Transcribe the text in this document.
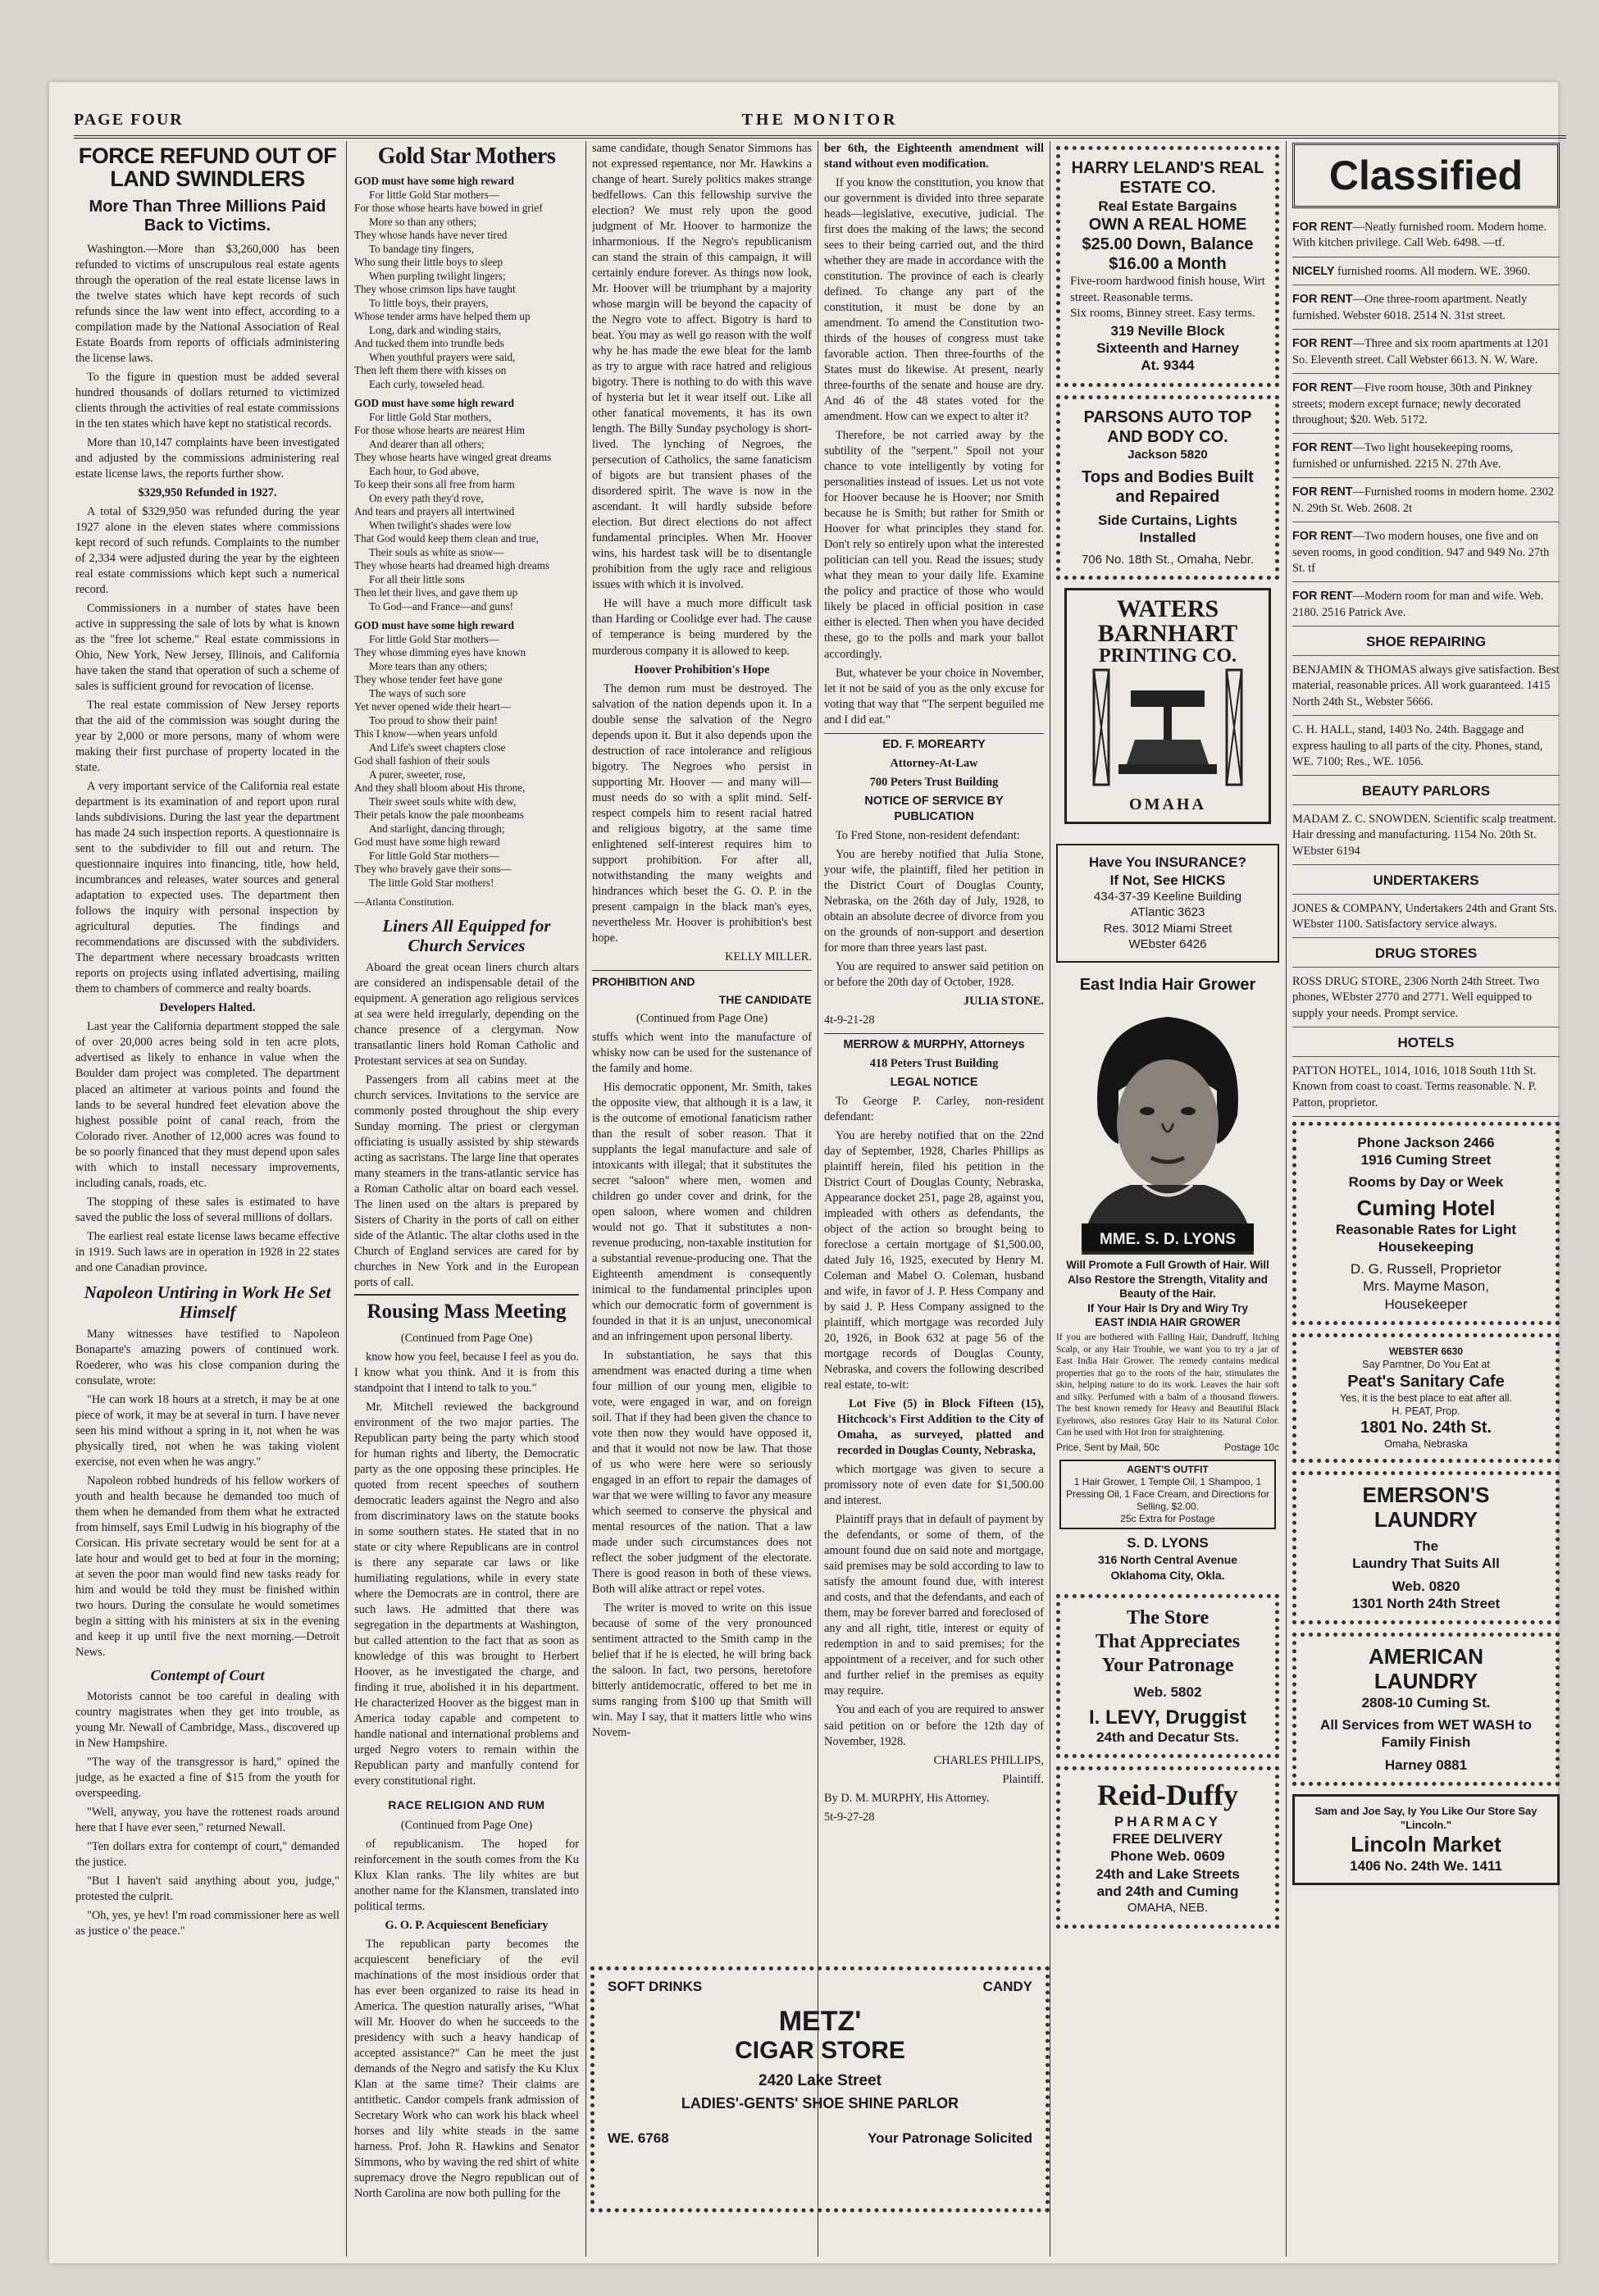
PAGE FOUR	THE MONITOR
FORCE REFUND OUT OF LAND SWINDLERS
More Than Three Millions Paid Back to Victims.

Washington.—More than $3,260,000 has been refunded to victims of unscrupulous real estate agents through the operation of the real estate license laws in the twelve states which have kept records of such refunds since the law went into effect, according to a compilation made by the National Association of Real Estate Boards from reports of officials administering the license laws.

To the figure in question must be added several hundred thousands of dollars returned to victimized clients through the activities of real estate commissions in the ten states which have kept no statistical records.

More than 10,147 complaints have been investigated and adjusted by the commissions administering real estate license laws, the reports further show.

$329,950 Refunded in 1927.

A total of $329,950 was refunded during the year 1927 alone in the eleven states where commissions kept record of such refunds. Complaints to the number of 2,334 were adjusted during the year by the eighteen real estate commissions which kept such a numerical record.

Commissioners in a number of states have been active in suppressing the sale of lots by what is known as the "free lot scheme." Real estate commissions in Ohio, New York, New Jersey, Illinois, and California have taken the stand that operation of such a scheme of sales is sufficient ground for revocation of license.

The real estate commission of New Jersey reports that the aid of the commission was sought during the year by 2,000 or more persons, many of whom were making their first purchase of property located in the state.

A very important service of the California real estate department is its examination of and report upon rural lands subdivisions. During the last year the department has made 24 such inspection reports. A questionnaire is sent to the subdivider to fill out and return. The questionnaire inquires into financing, title, how held, incumbrances and releases, water sources and general adaptation to expected uses. The department then follows the inquiry with personal inspection by agricultural deputies. The findings and recommendations are discussed with the subdividers. The department where necessary broadcasts written reports on projects using inflated advertising, mailing them to chambers of commerce and realty boards.

Developers Halted.

Last year the California department stopped the sale of over 20,000 acres being sold in ten acre plots, advertised as likely to enhance in value when the Boulder dam project was completed. The department placed an altimeter at various points and found the lands to be several hundred feet elevation above the highest possible point of canal reach, from the Colorado river. Another of 12,000 acres was found to be so poorly financed that they must depend upon sales with which to install necessary improvements, including canals, roads, etc.

The stopping of these sales is estimated to have saved the public the loss of several millions of dollars.

The earliest real estate license laws became effective in 1919. Such laws are in operation in 1928 in 22 states and one Canadian province.

Napoleon Untiring in Work He Set Himself

Many witnesses have testified to Napoleon Bonaparte's amazing powers of continued work. Roederer, who was his close companion during the consulate, wrote:

"He can work 18 hours at a stretch, it may be at one piece of work, it may be at several in turn. I have never seen his mind without a spring in it, not when he was physically tired, not when he was taking violent exercise, not even when he was angry."

Napoleon robbed hundreds of his fellow workers of youth and health because he demanded too much of them when he demanded from them what he extracted from himself, says Emil Ludwig in his biography of the Corsican. His private secretary would be sent for at a late hour and would get to bed at four in the morning; at seven the poor man would find new tasks ready for him and would be told they must be finished within two hours. During the consulate he would sometimes begin a sitting with his ministers at six in the evening and keep it up until five the next morning.—Detroit News.

Contempt of Court

Motorists cannot be too careful in dealing with country magistrates when they get into trouble, as young Mr. Newall of Cambridge, Mass., discovered up in New Hampshire.

"The way of the transgressor is hard," opined the judge, as he exacted a fine of $15 from the youth for overspeeding.

"Well, anyway, you have the rottenest roads around here that I have ever seen," returned Newall.

"Ten dollars extra for contempt of court," demanded the justice.

"But I haven't said anything about you, judge," protested the culprit.

"Oh, yes, ye hev! I'm road commissioner here as well as justice o' the peace."

Gold Star Mothers

GOD must have some high reward

For little Gold Star mothers—

For those whose hearts have bowed in grief

More so than any others;

They whose hands have never tired

To bandage tiny fingers,

Who sung their little boys to sleep

When purpling twilight lingers;

They whose crimson lips have taught

To little boys, their prayers,

Whose tender arms have helped them up

Long, dark and winding stairs,

And tucked them into trundle beds

When youthful prayers were said,

Then left them there with kisses on

Each curly, towseled head.

GOD must have some high reward

For little Gold Star mothers,

For those whose hearts are nearest Him

And dearer than all others;

They whose hearts have winged great dreams

Each hour, to God above,

To keep their sons all free from harm

On every path they'd rove,

And tears and prayers all intertwined

When twilight's shades were low

That God would keep them clean and true,

Their souls as white as snow—

They whose hearts had dreamed high dreams

For all their little sons

Then let their lives, and gave them up

To God—and France—and guns!

GOD must have some high reward

For little Gold Star mothers—

They whose dimming eyes have known

More tears than any others;

They whose tender feet have gone

The ways of such sore

Yet never opened wide their heart—

Too proud to show their pain!

This I know—when years unfold

And Life's sweet chapters close

God shall fashion of their souls

A purer, sweeter, rose,

And they shall bloom about His throne,

Their sweet souls white with dew,

Their petals know the pale moonbeams

And starlight, dancing through;

God must have some high reward

For little Gold Star mothers—

They who bravely gave their sons—

The little Gold Star mothers!

—Atlanta Constitution.

Liners All Equipped for Church Services

Aboard the great ocean liners church altars are considered an indispensable detail of the equipment. A generation ago religious services at sea were held irregularly, depending on the chance presence of a clergyman. Now transatlantic liners hold Roman Catholic and Protestant services at sea on Sunday.

Passengers from all cabins meet at the church services. Invitations to the service are commonly posted throughout the ship every Sunday morning. The priest or clergyman officiating is usually assisted by ship stewards acting as sacristans. The large line that operates many steamers in the trans-atlantic service has a Roman Catholic altar on board each vessel. The linen used on the altars is prepared by Sisters of Charity in the ports of call on either side of the Atlantic. The altar cloths used in the Church of England services are cared for by churches in New York and in the European ports of call.

Rousing Mass Meeting

(Continued from Page One)

know how you feel, because I feel as you do. I know what you think. And it is from this standpoint that I intend to talk to you."

Mr. Mitchell reviewed the background environment of the two major parties. The Republican party being the party which stood for human rights and liberty, the Democratic party as the one opposing these principles. He quoted from recent speeches of southern democratic leaders against the Negro and also from discriminatory laws on the statute books in some southern states. He stated that in no state or city where Republicans are in control is there any separate car laws or like humiliating regulations, while in every state where the Democrats are in control, there are such laws. He admitted that there was segregation in the departments at Washington, but called attention to the fact that as soon as knowledge of this was brought to Herbert Hoover, as he investigated the charge, and finding it true, abolished it in his department. He characterized Hoover as the biggest man in America today capable and competent to handle national and international problems and urged Negro voters to remain within the Republican party and manfully contend for every constitutional right.

RACE RELIGION AND RUM

(Continued from Page One)

of republicanism. The hoped for reinforcement in the south comes from the Ku Klux Klan ranks. The lily whites are but another name for the Klansmen, translated into political terms.

G. O. P. Acquiescent Beneficiary

The republican party becomes the acquiescent beneficiary of the evil machinations of the most insidious order that has ever been organized to raise its head in America. The question naturally arises, "What will Mr. Hoover do when he succeeds to the presidency with such a heavy handicap of accepted assistance?" Can he meet the just demands of the Negro and satisfy the Ku Klux Klan at the same time? Their claims are antithetic. Candor compels frank admission of Secretary Work who can work his black wheel horses and lily white steads in the same harness. Prof. John R. Hawkins and Senator Simmons, who by waving the red shirt of white supremacy drove the Negro republican out of North Carolina are now both pulling for the

same candidate, though Senator Simmons has not expressed repentance, nor Mr. Hawkins a change of heart. Surely politics makes strange bedfellows. Can this fellowship survive the election? We must rely upon the good judgment of Mr. Hoover to harmonize the inharmonious. If the Negro's republicanism can stand the strain of this campaign, it will certainly endure forever. As things now look, Mr. Hoover will be triumphant by a majority whose margin will be beyond the capacity of the Negro vote to affect. Bigotry is hard to beat. You may as well go reason with the wolf why he has made the ewe bleat for the lamb as try to argue with race hatred and religious bigotry. There is nothing to do with this wave of hysteria but let it wear itself out. Like all other fanatical movements, it has its own length. The Billy Sunday psychology is short-lived. The lynching of Negroes, the persecution of Catholics, the same fanaticism of bigots are but transient phases of the disordered spirit. The wave is now in the ascendant. It will hardly subside before election. But direct elections do not affect fundamental principles. When Mr. Hoover wins, his hardest task will be to disentangle prohibition from the ugly race and religious issues with which it is involved.

He will have a much more difficult task than Harding or Coolidge ever had. The cause of temperance is being murdered by the murderous company it is allowed to keep.

Hoover Prohibition's Hope

The demon rum must be destroyed. The salvation of the nation depends upon it. In a double sense the salvation of the Negro depends upon it. But it also depends upon the destruction of race intolerance and religious bigotry. The Negroes who persist in supporting Mr. Hoover — and many will—must needs do so with a split mind. Self-respect compels him to resent racial hatred and religious bigotry, at the same time enlightened self-interest requires him to support prohibition. For after all, notwithstanding the many weights and hindrances which beset the G. O. P. in the present campaign in the black man's eyes, nevertheless Mr. Hoover is prohibition's best hope.

KELLY MILLER.

PROHIBITION AND

THE CANDIDATE

(Continued from Page One)

stuffs which went into the manufacture of whisky now can be used for the sustenance of the family and home.

His democratic opponent, Mr. Smith, takes the opposite view, that although it is a law, it is the outcome of emotional fanaticism rather than the result of sober reason. That it supplants the legal manufacture and sale of intoxicants with illegal; that it substitutes the secret "saloon" where men, women and children go under cover and drink, for the open saloon, where women and children would not go. That it substitutes a non-revenue producing, non-taxable institution for a substantial revenue-producing one. That the Eighteenth amendment is consequently inimical to the fundamental principles upon which our democratic form of government is founded in that it is an unjust, uneconomical and an infringement upon personal liberty.

In substantiation, he says that this amendment was enacted during a time when four million of our young men, eligible to vote, were engaged in war, and on foreign soil. That if they had been given the chance to vote then now they would have opposed it, and that it would not now be law. That those of us who were here were so seriously engaged in an effort to repair the damages of war that we were willing to favor any measure which seemed to conserve the physical and mental resources of the nation. That a law made under such circumstances does not reflect the sober judgment of the electorate. There is good reason in both of these views. Both will alike attract or repel votes.

The writer is moved to write on this issue because of some of the very pronounced sentiment attracted to the Smith camp in the belief that if he is elected, he will bring back the saloon. In fact, two persons, heretofore bitterly antidemocratic, offered to bet me in sums ranging from $100 up that Smith will win. May I say, that it matters little who wins Novem-

ber 6th, the Eighteenth amendment will stand without even modification.

If you know the constitution, you know that our government is divided into three separate heads—legislative, executive, judicial. The first does the making of the laws; the second sees to their being carried out, and the third whether they are made in accordance with the constitution. The province of each is clearly defined. To change any part of the constitution, it must be done by an amendment. To amend the Constitution two-thirds of the houses of congress must take favorable action. Then three-fourths of the States must do likewise. At present, nearly three-fourths of the senate and house are dry. And 46 of the 48 states voted for the amendment. How can we expect to alter it?

Therefore, be not carried away by the subtility of the "serpent." Spoil not your chance to vote intelligently by voting for personalities instead of issues. Let us not vote for Hoover because he is Hoover; nor Smith because he is Smith; but rather for Smith or Hoover for what principles they stand for. Don't rely so entirely upon what the interested politician can tell you. Read the issues; study what they mean to your daily life. Examine the policy and practice of those who would likely be placed in official position in case either is elected. Then when you have decided these, go to the polls and mark your ballot accordingly.

But, whatever be your choice in November, let it not be said of you as the only excuse for voting that way that "The serpent beguiled me and I did eat."

ED. F. MOREARTY

Attorney-At-Law

700 Peters Trust Building

NOTICE OF SERVICE BY PUBLICATION

To Fred Stone, non-resident defendant:

You are hereby notified that Julia Stone, your wife, the plaintiff, filed her petition in the District Court of Douglas County, Nebraska, on the 26th day of July, 1928, to obtain an absolute decree of divorce from you on the grounds of non-support and desertion for more than three years last past.

You are required to answer said petition on or before the 20th day of October, 1928.

JULIA STONE.

4t-9-21-28

MERROW & MURPHY, Attorneys

418 Peters Trust Building

LEGAL NOTICE

To George P. Carley, non-resident defendant:

You are hereby notified that on the 22nd day of September, 1928, Charles Phillips as plaintiff herein, filed his petition in the District Court of Douglas County, Nebraska, Appearance docket 251, page 28, against you, impleaded with others as defendants, the object of the action so brought being to foreclose a certain mortgage of $1,500.00, dated July 16, 1925, executed by Henry M. Coleman and Mabel O. Coleman, husband and wife, in favor of J. P. Hess Company and by said J. P. Hess Company assigned to the plaintiff, which mortgage was recorded July 20, 1926, in Book 632 at page 56 of the mortgage records of Douglas County, Nebraska, and covers the following described real estate, to-wit:

Lot Five (5) in Block Fifteen (15), Hitchcock's First Addition to the City of Omaha, as surveyed, platted and recorded in Douglas County, Nebraska,

which mortgage was given to secure a promissory note of even date for $1,500.00 and interest.

Plaintiff prays that in default of payment by the defendants, or some of them, of the amount found due on said note and mortgage, said premises may be sold according to law to satisfy the amount found due, with interest and costs, and that the defendants, and each of them, may be forever barred and foreclosed of any and all right, title, interest or equity of redemption in and to said premises; for the appointment of a receiver, and for such other and further relief in the premises as equity may require.

You and each of you are required to answer said petition on or before the 12th day of November, 1928.

CHARLES PHILLIPS,

Plaintiff.

By D. M. MURPHY, His Attorney.

5t-9-27-28

SOFT DRINKS	CANDY
METZ'
CIGAR STORE
2420 Lake Street
LADIES'-GENTS' SHOE SHINE PARLOR
WE. 6768	Your Patronage Solicited
HARRY LELAND'S REAL ESTATE CO.
Real Estate Bargains
OWN A REAL HOME
$25.00 Down, Balance
$16.00 a Month
Five-room hardwood finish house, Wirt street. Reasonable terms.
Six rooms, Binney street. Easy terms.
319 Neville Block
Sixteenth and Harney
At. 9344
PARSONS AUTO TOP AND BODY CO.
Jackson 5820
Tops and Bodies Built and Repaired
Side Curtains, Lights Installed
706 No. 18th St., Omaha, Nebr.
WATERS
BARNHART
PRINTING CO.
OMAHA
Have You INSURANCE?
If Not, See HICKS
434-37-39 Keeline Building
ATlantic 3623
Res. 3012 Miami Street
WEbster 6426
East India Hair Grower
MME. S. D. LYONS
Will Promote a Full Growth of Hair. Will Also Restore the Strength, Vitality and Beauty of the Hair.
If Your Hair Is Dry and Wiry Try
EAST INDIA HAIR GROWER
If you are bothered with Falling Hair, Dandruff, Itching Scalp, or any Hair Trouble, we want you to try a jar of East India Hair Grower. The remedy contains medical properties that go to the roots of the hair, stimulates the skin, helping nature to do its work. Leaves the hair soft and silky. Perfumed with a balm of a thousand flowers. The best known remedy for Heavy and Beautiful Black Eyebrows, also restores Gray Hair to its Natural Color. Can be used with Hot Iron for straightening.
Price, Sent by Mail, 50c	Postage 10c
AGENT'S OUTFIT
1 Hair Grower, 1 Temple Oil, 1 Shampoo, 1 Pressing Oil, 1 Face Cream, and Directions for Selling, $2.00.
25c Extra for Postage
S. D. LYONS
316 North Central Avenue
Oklahoma City, Okla.
The Store
That Appreciates
Your Patronage
Web. 5802
I. LEVY, Druggist
24th and Decatur Sts.
Reid-Duffy
PHARMACY
FREE DELIVERY
Phone Web. 0609
24th and Lake Streets
and 24th and Cuming
OMAHA, NEB.
Classified
FOR RENT—Neatly furnished room. Modern home. With kitchen privilege. Call Web. 6498. —tf.
NICELY furnished rooms. All modern. WE. 3960.
FOR RENT—One three-room apartment. Neatly furnished. Webster 6018. 2514 N. 31st street.
FOR RENT—Three and six room apartments at 1201 So. Eleventh street. Call Webster 6613. N. W. Ware.
FOR RENT—Five room house, 30th and Pinkney streets; modern except furnace; newly decorated throughout; $20. Web. 5172.
FOR RENT—Two light housekeeping rooms, furnished or unfurnished. 2215 N. 27th Ave.
FOR RENT—Furnished rooms in modern home. 2302 N. 29th St. Web. 2608. 2t
FOR RENT—Two modern houses, one five and on seven rooms, in good condition. 947 and 949 No. 27th St. tf
FOR RENT—Modern room for man and wife. Web. 2180. 2516 Patrick Ave.
SHOE REPAIRING
BENJAMIN & THOMAS always give satisfaction. Best material, reasonable prices. All work guaranteed. 1415 North 24th St., Webster 5666.
C. H. HALL, stand, 1403 No. 24th. Baggage and express hauling to all parts of the city. Phones, stand, WE. 7100; Res., WE. 1056.
BEAUTY PARLORS
MADAM Z. C. SNOWDEN. Scientific scalp treatment. Hair dressing and manufacturing. 1154 No. 20th St. WEbster 6194
UNDERTAKERS
JONES & COMPANY, Undertakers 24th and Grant Sts. WEbster 1100. Satisfactory service always.
DRUG STORES
ROSS DRUG STORE, 2306 North 24th Street. Two phones, WEbster 2770 and 2771. Well equipped to supply your needs. Prompt service.
HOTELS
PATTON HOTEL, 1014, 1016, 1018 South 11th St. Known from coast to coast. Terms reasonable. N. P. Patton, proprietor.
Phone Jackson 2466
1916 Cuming Street
Rooms by Day or Week
Cuming Hotel
Reasonable Rates for Light Housekeeping
D. G. Russell, Proprietor
Mrs. Mayme Mason,
Housekeeper
WEBSTER 6630
Say Parntner, Do You Eat at
Peat's Sanitary Cafe
Yes, it is the best place to eat after all.
H. PEAT, Prop.
1801 No. 24th St.
Omaha, Nebraska
EMERSON'S
LAUNDRY
The
Laundry That Suits All
Web. 0820
1301 North 24th Street
AMERICAN
LAUNDRY
2808-10 Cuming St.
All Services from WET WASH to Family Finish
Harney 0881
Sam and Joe Say, Iy You Like Our Store Say "Lincoln."
Lincoln Market
1406 No. 24th We. 1411
